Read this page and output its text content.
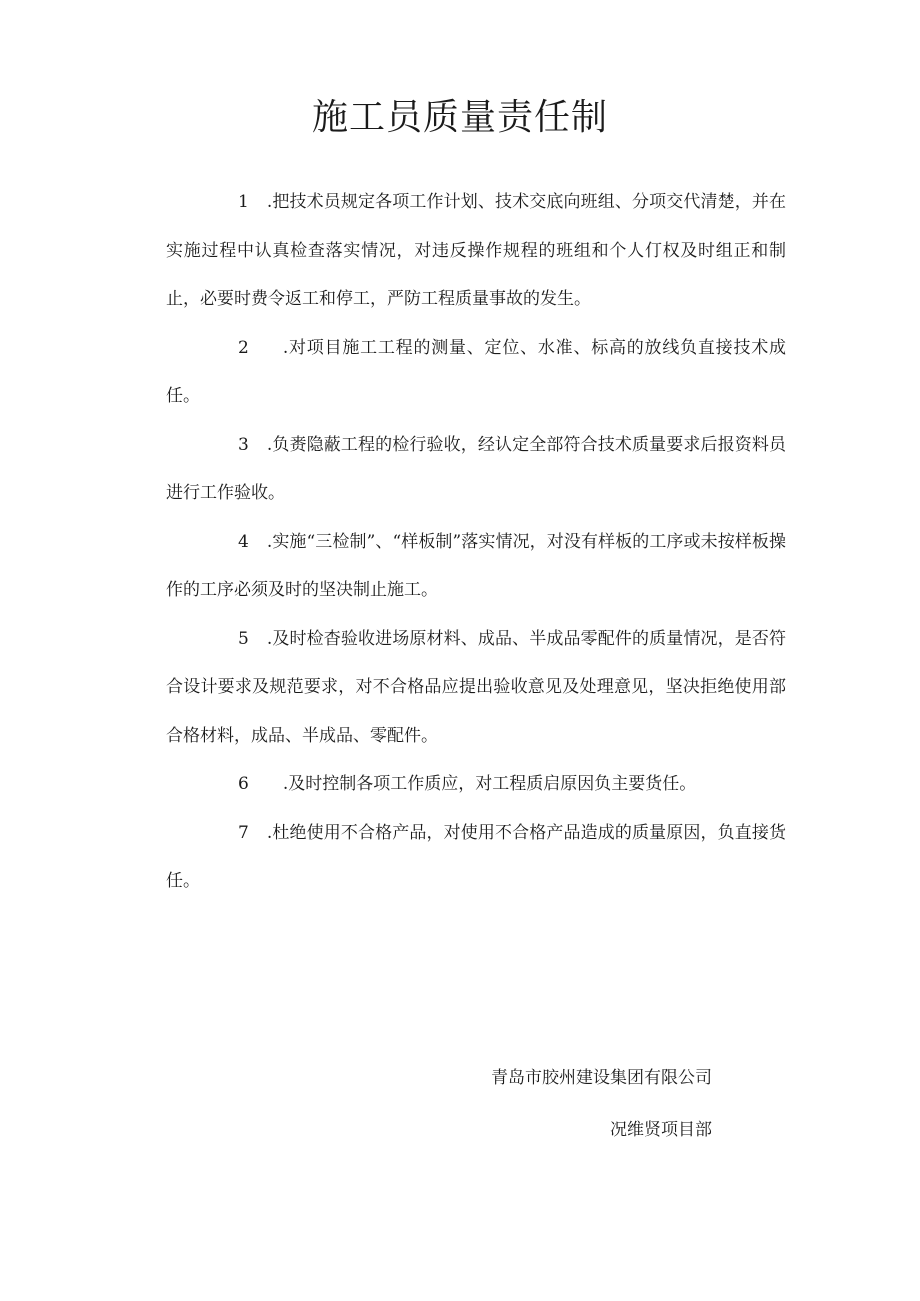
施工员质量责任制

1 .把技术员规定各项工作计划、技术交底向班组、分项交代清楚，并在实施过程中认真检查落实情况，对违反操作规程的班组和个人仃权及时组正和制止，必要时费令返工和停工，严防工程质量事故的发生。

2 .对项目施工工程的测量、定位、水准、标高的放线负直接技术成任。

3 .负赉隐蔽工程的检行验收，经认定全部符合技术质量要求后报资料员进行工作验收。

4 .实施“三检制”、“样板制”落实情况，对没有样板的工序或未按样板操作的工序必须及时的坚决制止施工。

5 .及时检杳验收进场原材料、成品、半成品零配件的质量情况，是否符合设计要求及规范要求，对不合格品应提出验收意见及处理意见，坚决拒绝使用部合格材料，成品、半成品、零配件。

6 .及时控制各项工作质应，对工程质启原因负主要货任。

7 .杜绝使用不合格产品，对使用不合格产品造成的质量原因，负直接货任。

青岛市胶州建设集团有限公司
况维贤项目部
